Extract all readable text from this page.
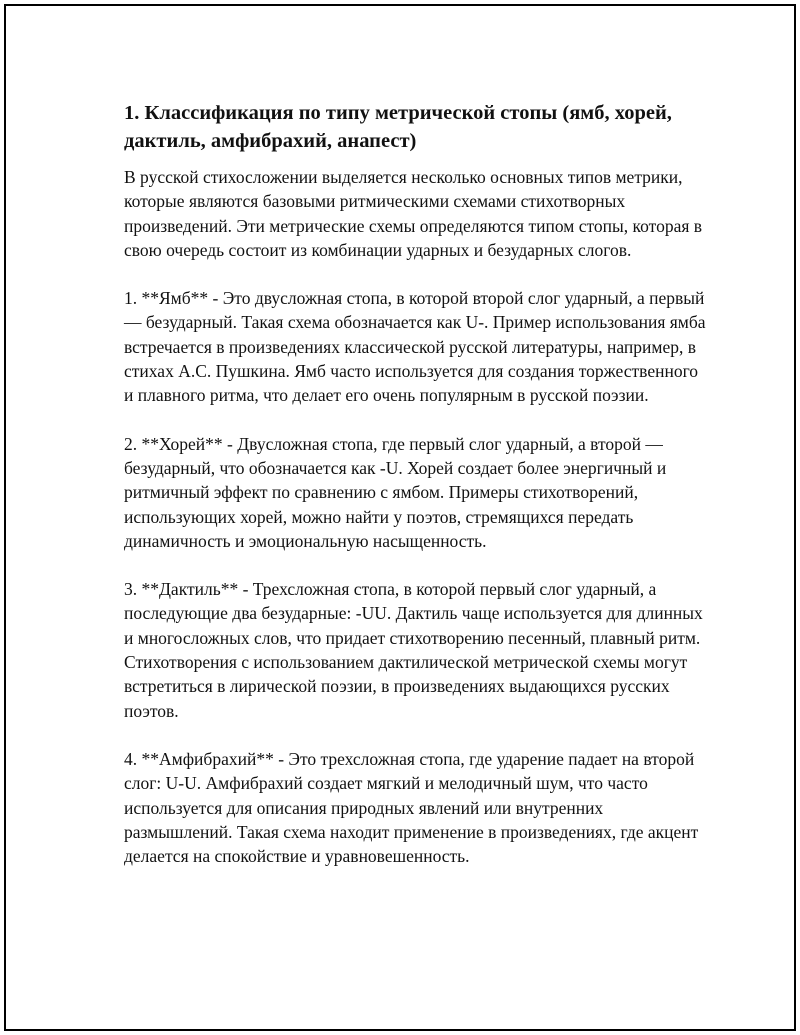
1. Классификация по типу метрической стопы (ямб, хорей, дактиль, амфибрахий, анапест)

В русской стихосложении выделяется несколько основных типов метрики, которые являются базовыми ритмическими схемами стихотворных произведений. Эти метрические схемы определяются типом стопы, которая в свою очередь состоит из комбинации ударных и безударных слогов.

1. **Ямб** - Это двусложная стопа, в которой второй слог ударный, а первый — безударный. Такая схема обозначается как U-. Пример использования ямба встречается в произведениях классической русской литературы, например, в стихах А.С. Пушкина. Ямб часто используется для создания торжественного и плавного ритма, что делает его очень популярным в русской поэзии.

2. **Хорей** - Двусложная стопа, где первый слог ударный, а второй — безударный, что обозначается как -U. Хорей создает более энергичный и ритмичный эффект по сравнению с ямбом. Примеры стихотворений, использующих хорей, можно найти у поэтов, стремящихся передать динамичность и эмоциональную насыщенность.

3. **Дактиль** - Трехсложная стопа, в которой первый слог ударный, а последующие два безударные: -UU. Дактиль чаще используется для длинных и многосложных слов, что придает стихотворению песенный, плавный ритм. Стихотворения с использованием дактилической метрической схемы могут встретиться в лирической поэзии, в произведениях выдающихся русских поэтов.

4. **Амфибрахий** - Это трехсложная стопа, где ударение падает на второй слог: U-U. Амфибрахий создает мягкий и мелодичный шум, что часто используется для описания природных явлений или внутренних размышлений. Такая схема находит применение в произведениях, где акцент делается на спокойствие и уравновешенность.
